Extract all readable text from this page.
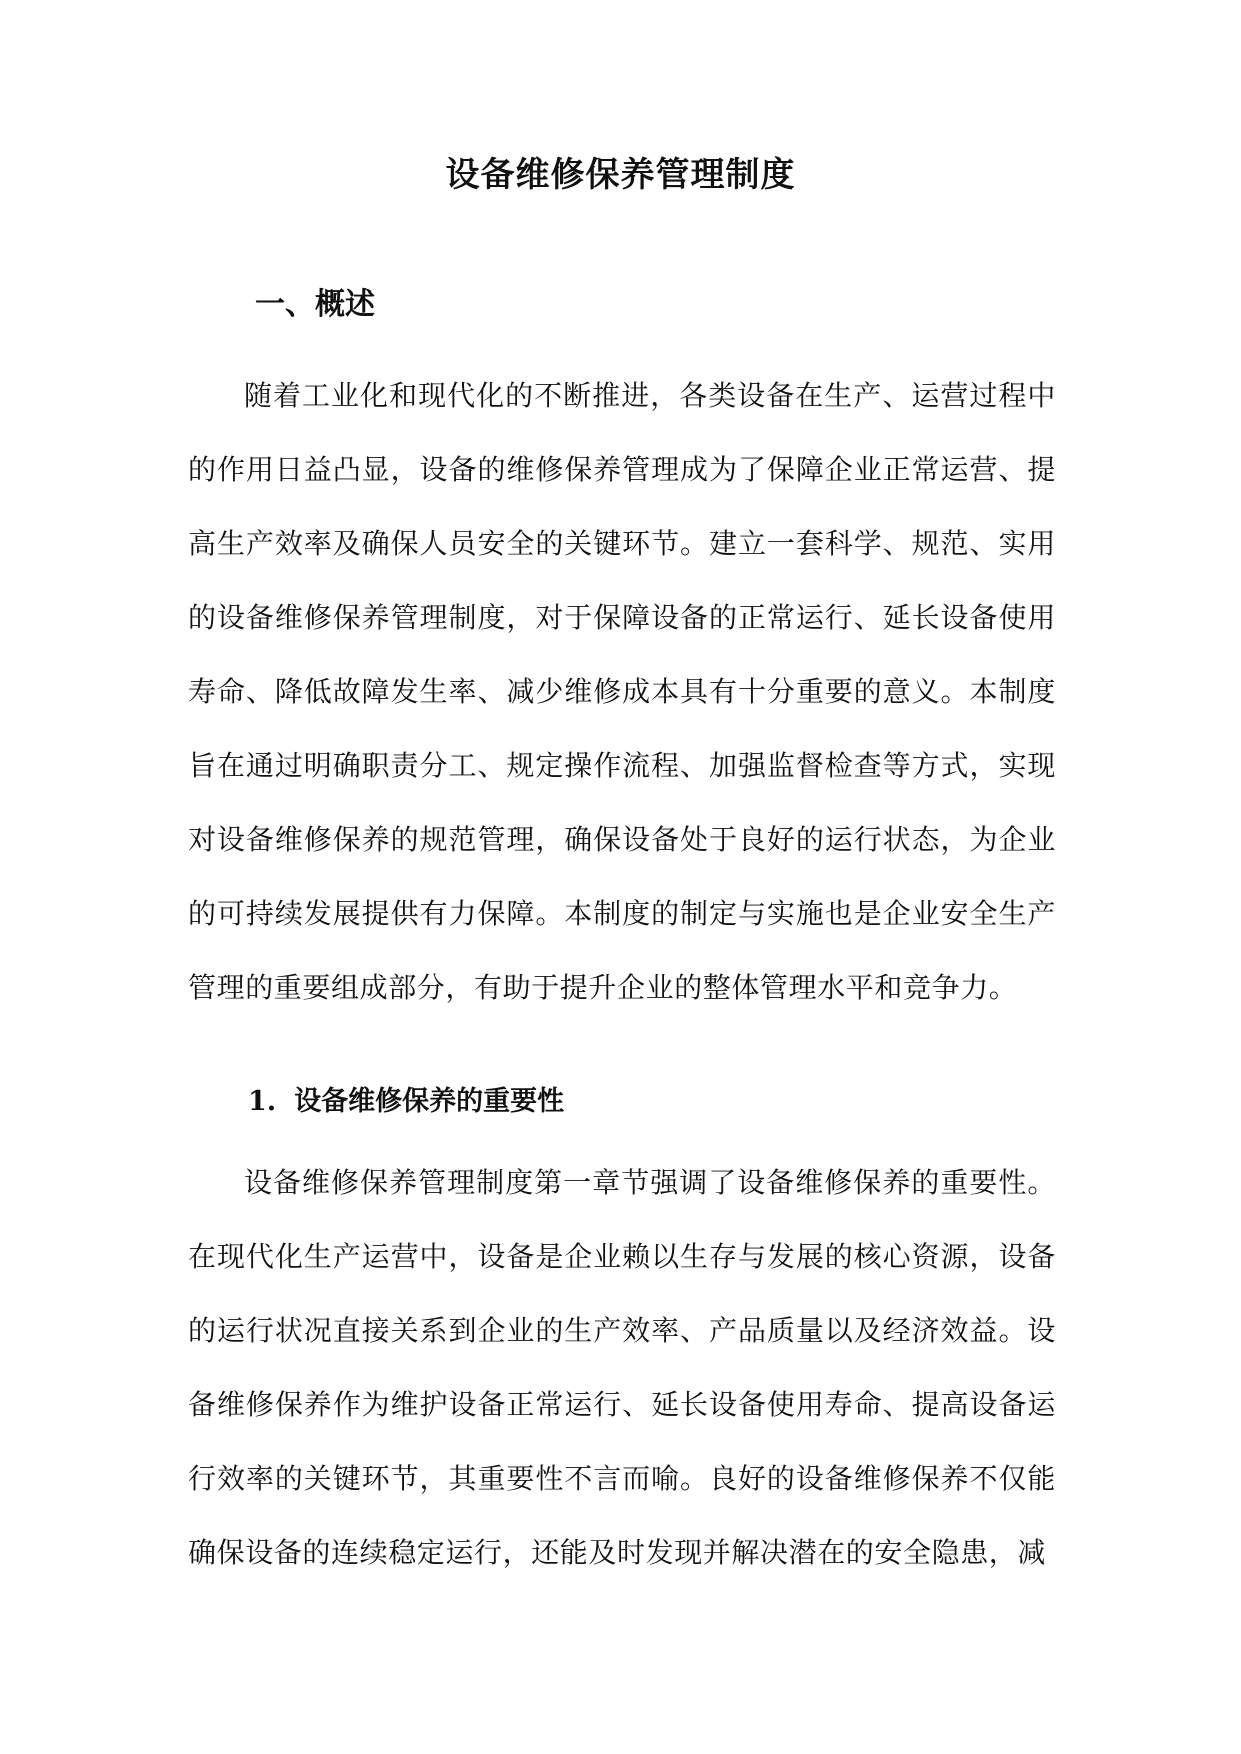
设备维修保养管理制度
一、概述

随着工业化和现代化的不断推进，各类设备在生产、运营过程中的作用日益凸显，设备的维修保养管理成为了保障企业正常运营、提高生产效率及确保人员安全的关键环节。建立一套科学、规范、实用的设备维修保养管理制度，对于保障设备的正常运行、延长设备使用寿命、降低故障发生率、减少维修成本具有十分重要的意义。本制度旨在通过明确职责分工、规定操作流程、加强监督检查等方式，实现对设备维修保养的规范管理，确保设备处于良好的运行状态，为企业的可持续发展提供有力保障。本制度的制定与实施也是企业安全生产管理的重要组成部分，有助于提升企业的整体管理水平和竞争力。

1. 设备维修保养的重要性

设备维修保养管理制度第一章节强调了设备维修保养的重要性。在现代化生产运营中，设备是企业赖以生存与发展的核心资源，设备的运行状况直接关系到企业的生产效率、产品质量以及经济效益。设备维修保养作为维护设备正常运行、延长设备使用寿命、提高设备运行效率的关键环节，其重要性不言而喻。良好的设备维修保养不仅能确保设备的连续稳定运行，还能及时发现并解决潜在的安全隐患，减
